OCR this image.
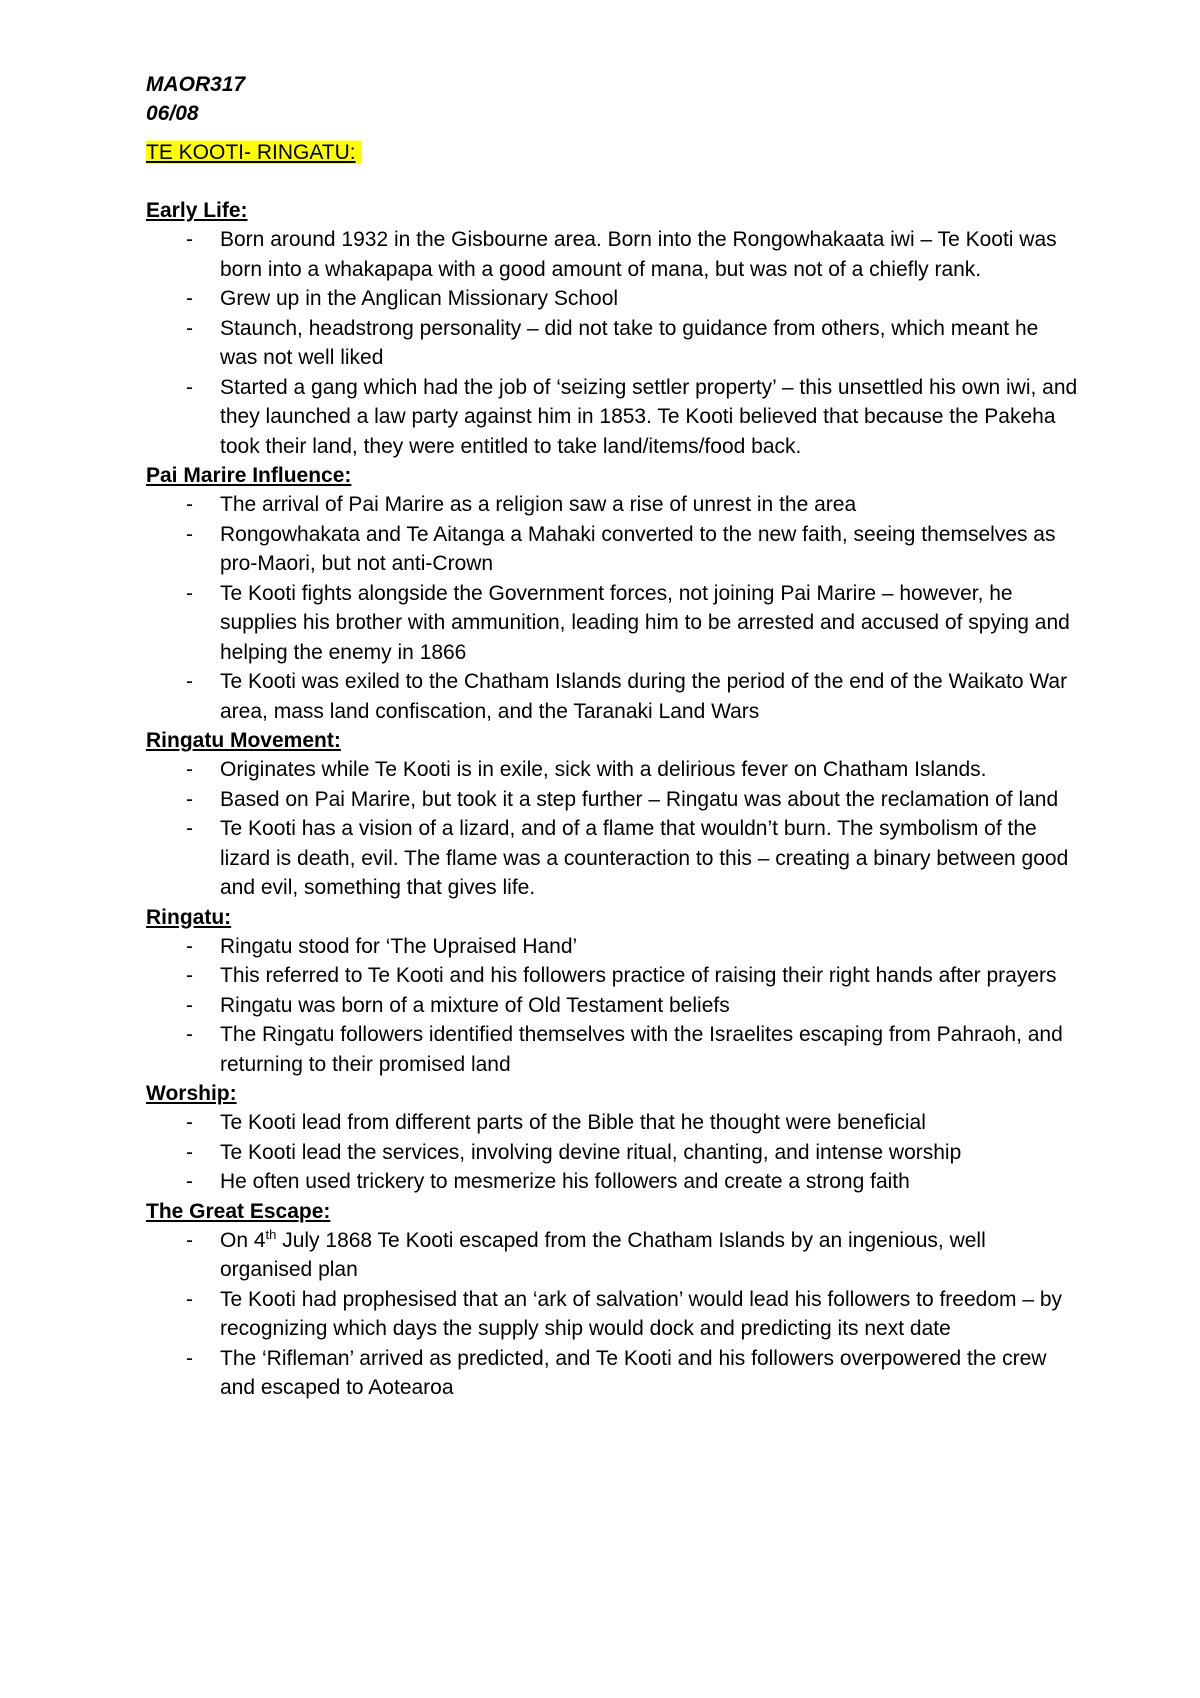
MAOR317
06/08
TE KOOTI- RINGATU:
Early Life:
- Born around 1932 in the Gisbourne area. Born into the Rongowhakaata iwi – Te Kooti was born into a whakapapa with a good amount of mana, but was not of a chiefly rank.
- Grew up in the Anglican Missionary School
- Staunch, headstrong personality – did not take to guidance from others, which meant he was not well liked
- Started a gang which had the job of ‘seizing settler property’ – this unsettled his own iwi, and they launched a law party against him in 1853. Te Kooti believed that because the Pakeha took their land, they were entitled to take land/items/food back.
Pai Marire Influence:
- The arrival of Pai Marire as a religion saw a rise of unrest in the area
- Rongowhakata and Te Aitanga a Mahaki converted to the new faith, seeing themselves as pro-Maori, but not anti-Crown
- Te Kooti fights alongside the Government forces, not joining Pai Marire – however, he supplies his brother with ammunition, leading him to be arrested and accused of spying and helping the enemy in 1866
- Te Kooti was exiled to the Chatham Islands during the period of the end of the Waikato War area, mass land confiscation, and the Taranaki Land Wars
Ringatu Movement:
- Originates while Te Kooti is in exile, sick with a delirious fever on Chatham Islands.
- Based on Pai Marire, but took it a step further – Ringatu was about the reclamation of land
- Te Kooti has a vision of a lizard, and of a flame that wouldn’t burn. The symbolism of the lizard is death, evil. The flame was a counteraction to this – creating a binary between good and evil, something that gives life.
Ringatu:
- Ringatu stood for ‘The Upraised Hand’
- This referred to Te Kooti and his followers practice of raising their right hands after prayers
- Ringatu was born of a mixture of Old Testament beliefs
- The Ringatu followers identified themselves with the Israelites escaping from Pahraoh, and returning to their promised land
Worship:
- Te Kooti lead from different parts of the Bible that he thought were beneficial
- Te Kooti lead the services, involving devine ritual, chanting, and intense worship
- He often used trickery to mesmerize his followers and create a strong faith
The Great Escape:
- On 4th July 1868 Te Kooti escaped from the Chatham Islands by an ingenious, well organised plan
- Te Kooti had prophesised that an ‘ark of salvation’ would lead his followers to freedom – by recognizing which days the supply ship would dock and predicting its next date
- The ‘Rifleman’ arrived as predicted, and Te Kooti and his followers overpowered the crew and escaped to Aotearoa
